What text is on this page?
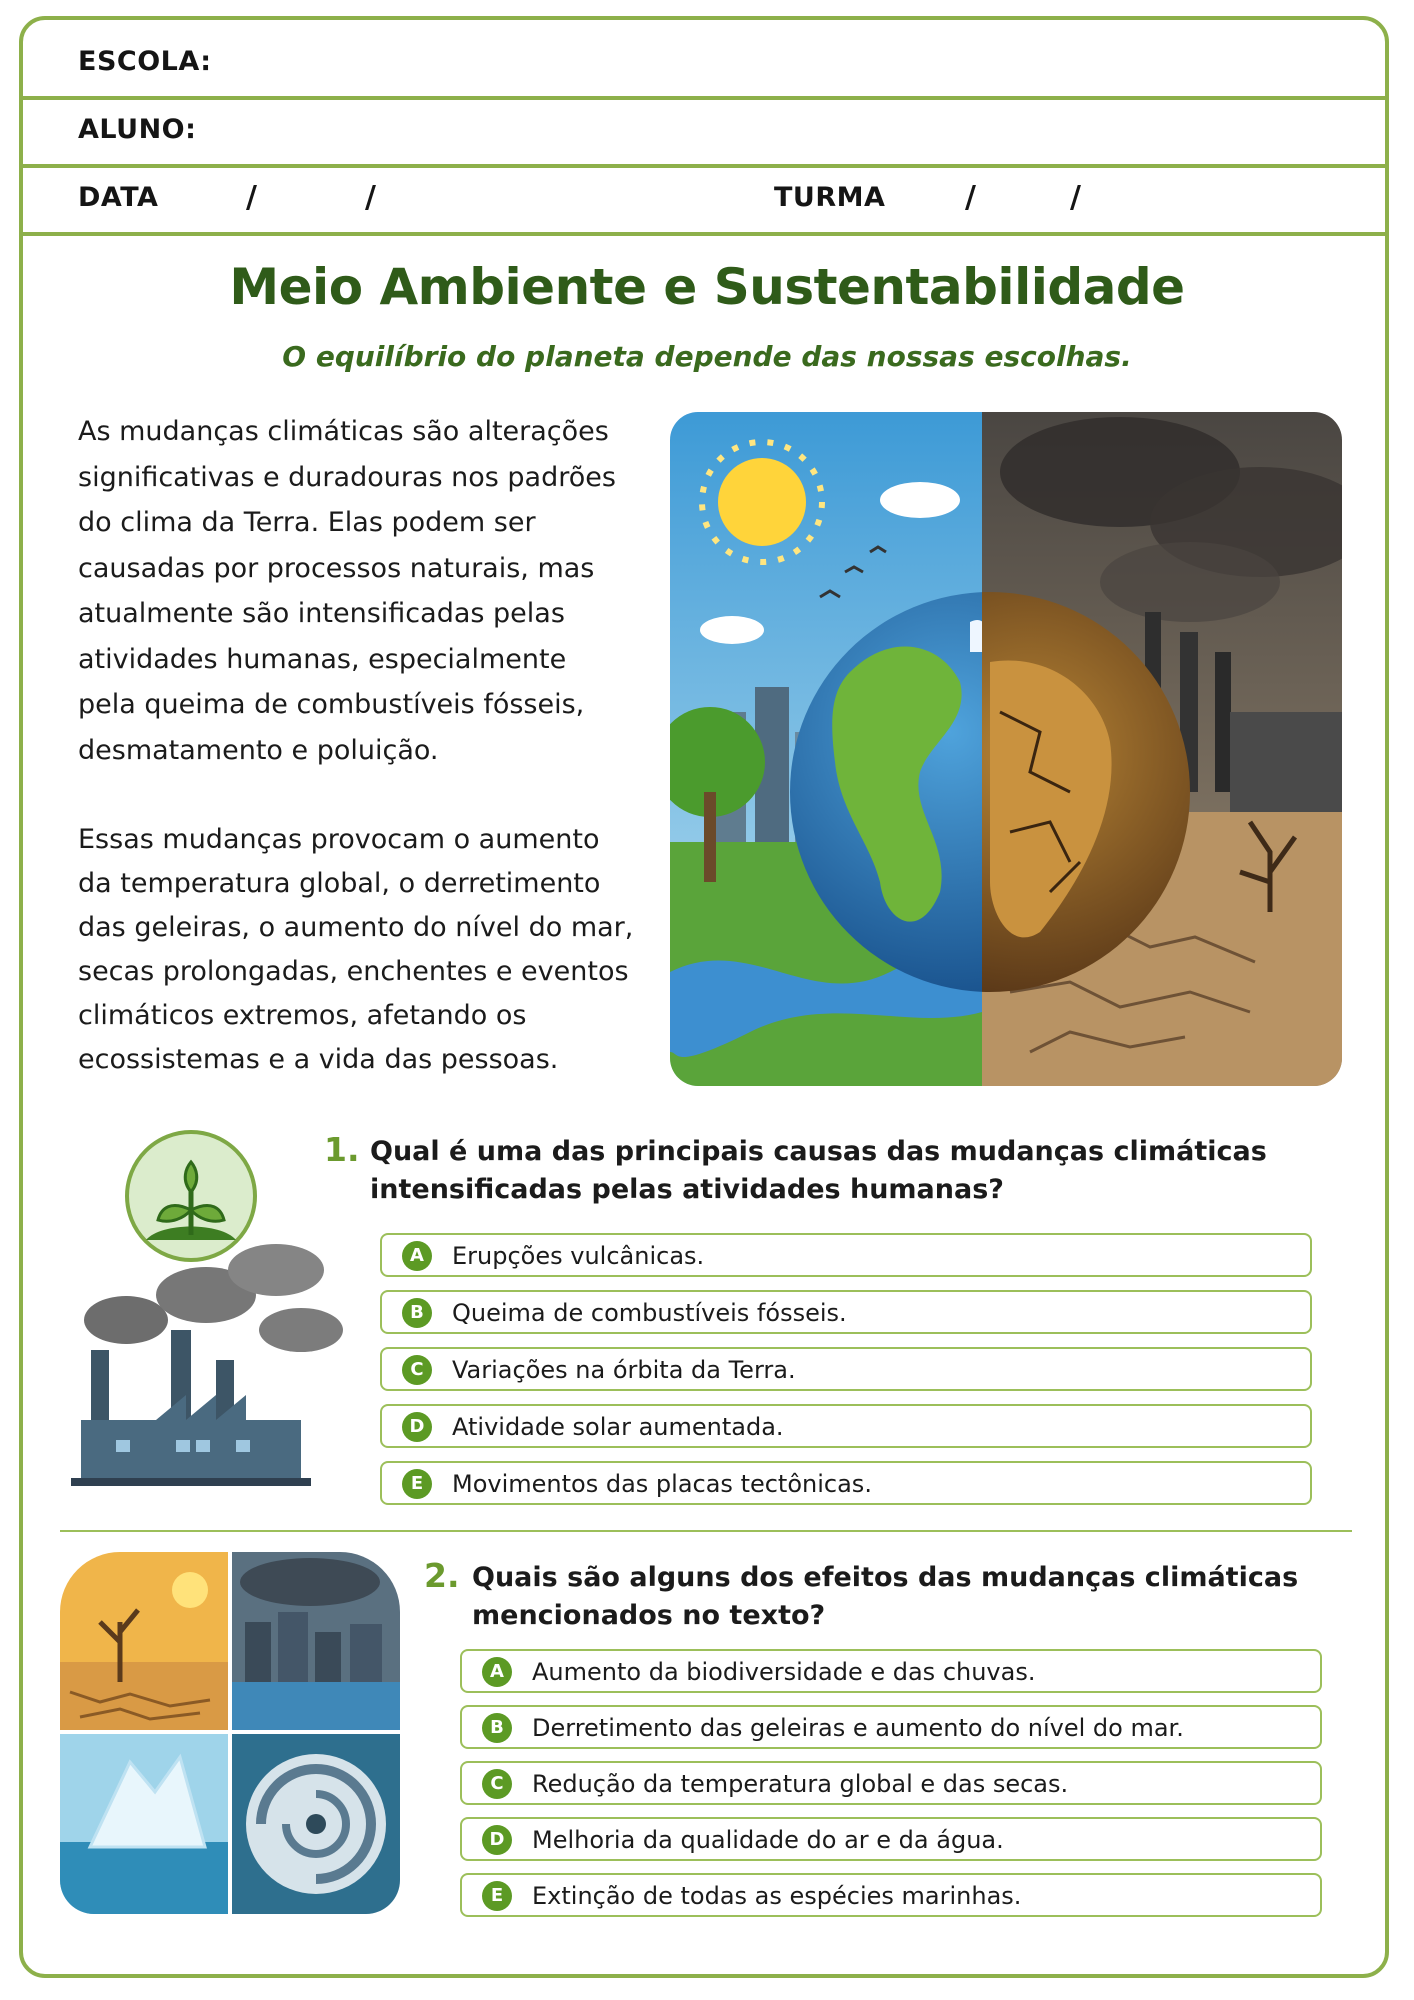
ESCOLA:
ALUNO:
DATA	/	/	TURMA	/	/
Meio Ambiente e Sustentabilidade
O equilíbrio do planeta depende das nossas escolhas.
As mudanças climáticas são alterações
significativas e duradouras nos padrões
do clima da Terra. Elas podem ser
causadas por processos naturais, mas
atualmente são intensificadas pelas
atividades humanas, especialmente
pela queima de combustíveis fósseis,
desmatamento e poluição.
Essas mudanças provocam o aumento
da temperatura global, o derretimento
das geleiras, o aumento do nível do mar,
secas prolongadas, enchentes e eventos
climáticos extremos, afetando os
ecossistemas e a vida das pessoas.
1. Qual é uma das principais causas das mudanças climáticas
intensificadas pelas atividades humanas?
A	Erupções vulcânicas.
B	Queima de combustíveis fósseis.
C	Variações na órbita da Terra.
D	Atividade solar aumentada.
E	Movimentos das placas tectônicas.
2. Quais são alguns dos efeitos das mudanças climáticas
mencionados no texto?
A	Aumento da biodiversidade e das chuvas.
B	Derretimento das geleiras e aumento do nível do mar.
C	Redução da temperatura global e das secas.
D	Melhoria da qualidade do ar e da água.
E	Extinção de todas as espécies marinhas.
